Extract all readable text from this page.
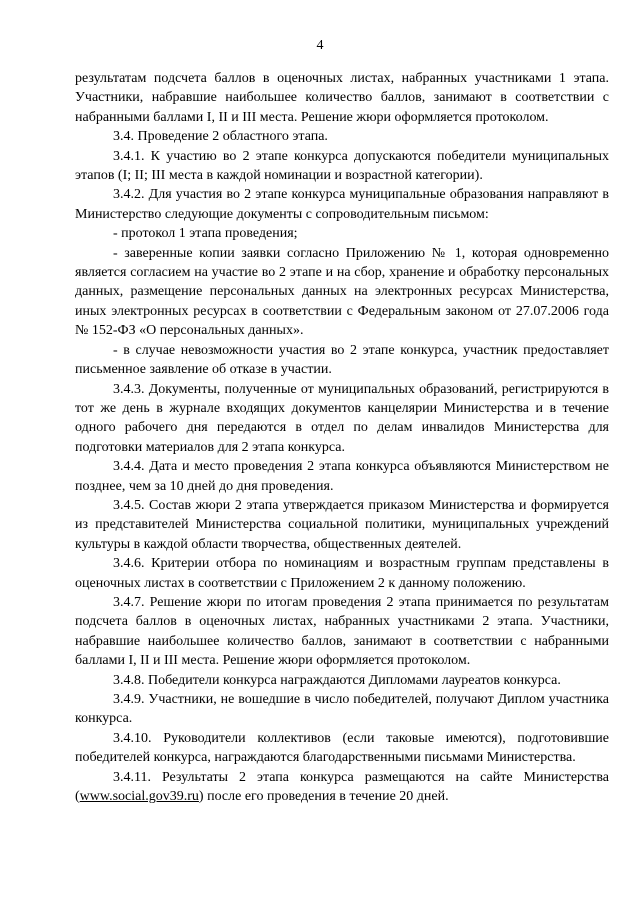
4

результатам подсчета баллов в оценочных листах, набранных участниками 1 этапа. Участники, набравшие наибольшее количество баллов, занимают в соответствии с набранными баллами I, II и III места. Решение жюри оформляется протоколом.

3.4. Проведение 2 областного этапа.

3.4.1. К участию во 2 этапе конкурса допускаются победители муниципальных этапов (I; II; III места в каждой номинации и возрастной категории).

3.4.2. Для участия во 2 этапе конкурса муниципальные образования направляют в Министерство следующие документы с сопроводительным письмом:

- протокол 1 этапа проведения;

- заверенные копии заявки согласно Приложению № 1, которая одновременно является согласием на участие во 2 этапе и на сбор, хранение и обработку персональных данных, размещение персональных данных на электронных ресурсах Министерства, иных электронных ресурсах в соответствии с Федеральным законом от 27.07.2006 года № 152-ФЗ «О персональных данных».

- в случае невозможности участия во 2 этапе конкурса, участник предоставляет письменное заявление об отказе в участии.

3.4.3. Документы, полученные от муниципальных образований, регистрируются в тот же день в журнале входящих документов канцелярии Министерства и в течение одного рабочего дня передаются в отдел по делам инвалидов Министерства для подготовки материалов для 2 этапа конкурса.

3.4.4. Дата и место проведения 2 этапа конкурса объявляются Министерством не позднее, чем за 10 дней до дня проведения.

3.4.5. Состав жюри 2 этапа утверждается приказом Министерства и формируется из представителей Министерства социальной политики, муниципальных учреждений культуры в каждой области творчества, общественных деятелей.

3.4.6. Критерии отбора по номинациям и возрастным группам представлены в оценочных листах в соответствии с Приложением 2 к данному положению.

3.4.7. Решение жюри по итогам проведения 2 этапа принимается по результатам подсчета баллов в оценочных листах, набранных участниками 2 этапа. Участники, набравшие наибольшее количество баллов, занимают в соответствии с набранными баллами I, II и III места. Решение жюри оформляется протоколом.

3.4.8. Победители конкурса награждаются Дипломами лауреатов конкурса.

3.4.9. Участники, не вошедшие в число победителей, получают Диплом участника конкурса.

3.4.10. Руководители коллективов (если таковые имеются), подготовившие победителей конкурса, награждаются благодарственными письмами Министерства.

3.4.11. Результаты 2 этапа конкурса размещаются на сайте Министерства (www.social.gov39.ru) после его проведения в течение 20 дней.
